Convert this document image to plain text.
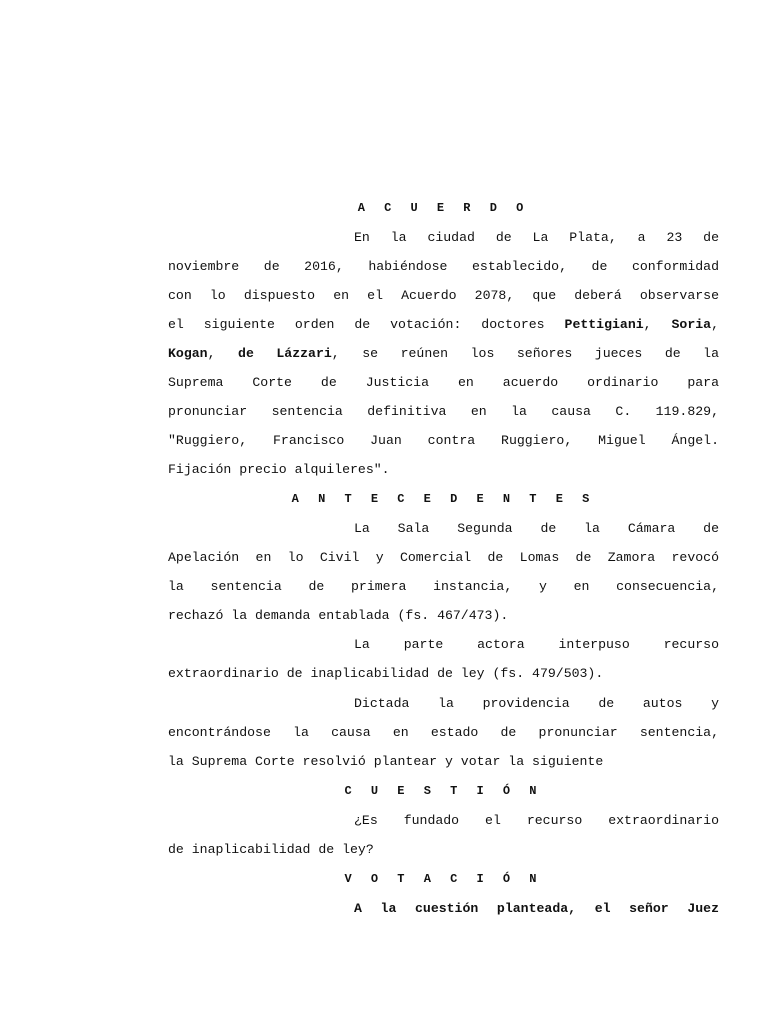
A C U E R D O
En la ciudad de La Plata, a 23 de
noviembre de 2016, habiéndose establecido, de conformidad
con lo dispuesto en el Acuerdo 2078, que deberá observarse
el siguiente orden de votación: doctores Pettigiani, Soria,
Kogan, de Lázzari, se reúnen los señores jueces de la
Suprema Corte de Justicia en acuerdo ordinario para
pronunciar sentencia definitiva en la causa C. 119.829,
"Ruggiero, Francisco Juan contra Ruggiero, Miguel Ángel.
Fijación precio alquileres".
A N T E C E D E N T E S
La Sala Segunda de la Cámara de
Apelación en lo Civil y Comercial de Lomas de Zamora revocó
la sentencia de primera instancia, y en consecuencia,
rechazó la demanda entablada (fs. 467/473).
La parte actora interpuso recurso
extraordinario de inaplicabilidad de ley (fs. 479/503).
Dictada la providencia de autos y
encontrándose la causa en estado de pronunciar sentencia,
la Suprema Corte resolvió plantear y votar la siguiente
C U E S T I Ó N
¿Es fundado el recurso extraordinario
de inaplicabilidad de ley?
V O T A C I Ó N
A la cuestión planteada, el señor Juez
